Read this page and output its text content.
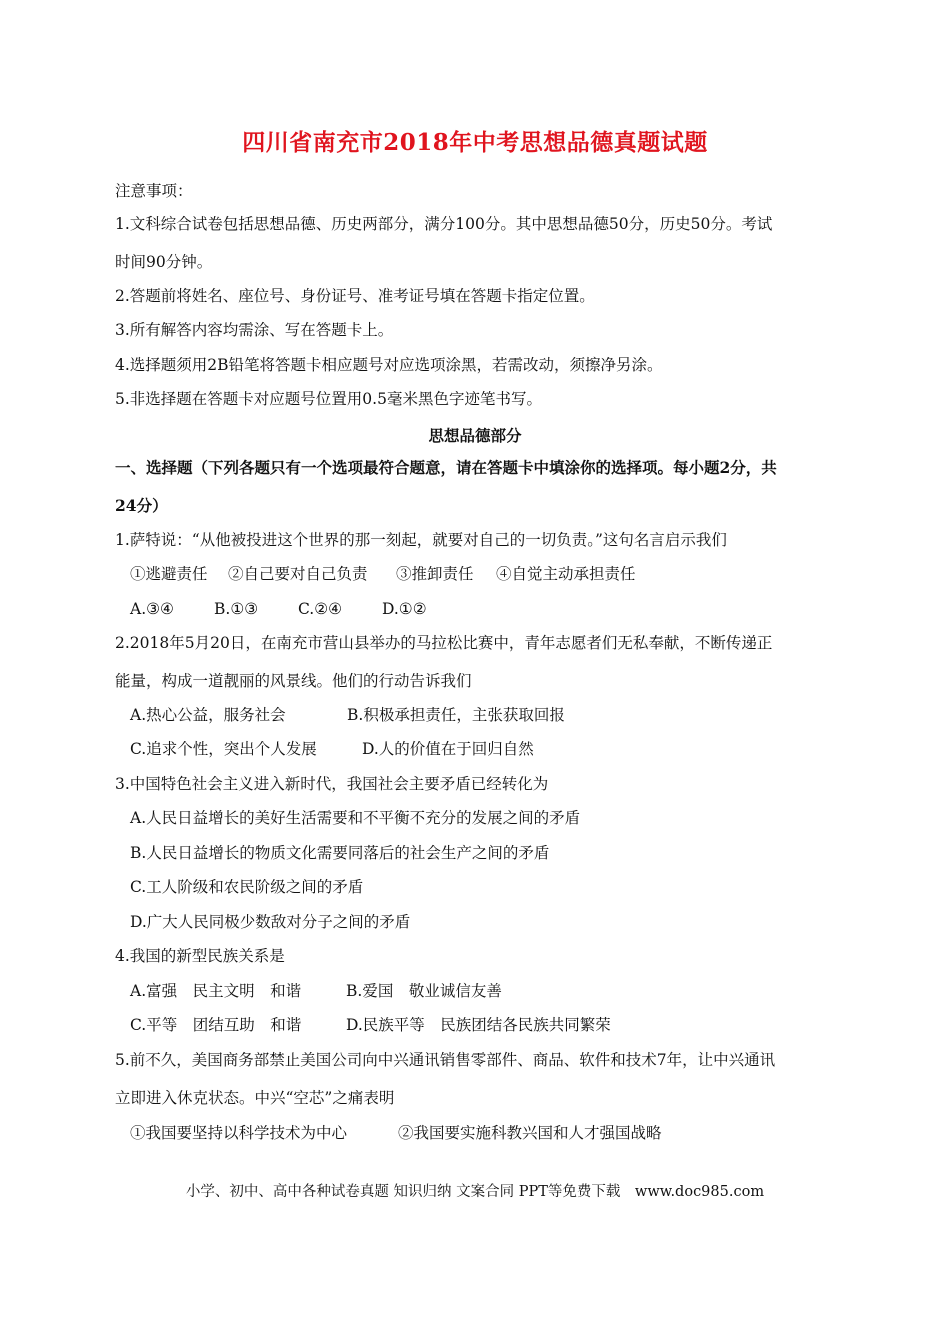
四川省南充市2018年中考思想品德真题试题
注意事项：
1.文科综合试卷包括思想品德、历史两部分，满分100分。其中思想品德50分，历史50分。考试
时间90分钟。
2.答题前将姓名、座位号、身份证号、准考证号填在答题卡指定位置。
3.所有解答内容均需涂、写在答题卡上。
4.选择题须用2B铅笔将答题卡相应题号对应选项涂黑，若需改动，须擦净另涂。
5.非选择题在答题卡对应题号位置用0.5毫米黑色字迹笔书写。
思想品德部分
一、选择题（下列各题只有一个选项最符合题意，请在答题卡中填涂你的选择项。每小题2分，共
24分）
1.萨特说：“从他被投进这个世界的那一刻起，就要对自己的一切负责。”这句名言启示我们
①逃避责任 ②自己要对自己负责 ③推卸责任 ④自觉主动承担责任
A.③④	B.①③	C.②④	D.①②
2.2018年5月20日，在南充市营山县举办的马拉松比赛中，青年志愿者们无私奉献，不断传递正
能量，构成一道靓丽的风景线。他们的行动告诉我们
A.热心公益，服务社会	B.积极承担责任，主张获取回报
C.追求个性，突出个人发展	D.人的价值在于回归自然
3.中国特色社会主义进入新时代，我国社会主要矛盾已经转化为
A.人民日益增长的美好生活需要和不平衡不充分的发展之间的矛盾
B.人民日益增长的物质文化需要同落后的社会生产之间的矛盾
C.工人阶级和农民阶级之间的矛盾
D.广大人民同极少数敌对分子之间的矛盾
4.我国的新型民族关系是
A.富强　民主文明　和谐	B.爱国　敬业诚信友善
C.平等　团结互助　和谐	D.民族平等　民族团结各民族共同繁荣
5.前不久，美国商务部禁止美国公司向中兴通讯销售零部件、商品、软件和技术7年，让中兴通讯
立即进入休克状态。中兴“空芯”之痛表明
①我国要坚持以科学技术为中心	②我国要实施科教兴国和人才强国战略
小学、初中、高中各种试卷真题 知识归纳 文案合同 PPT等免费下载　www.doc985.com
